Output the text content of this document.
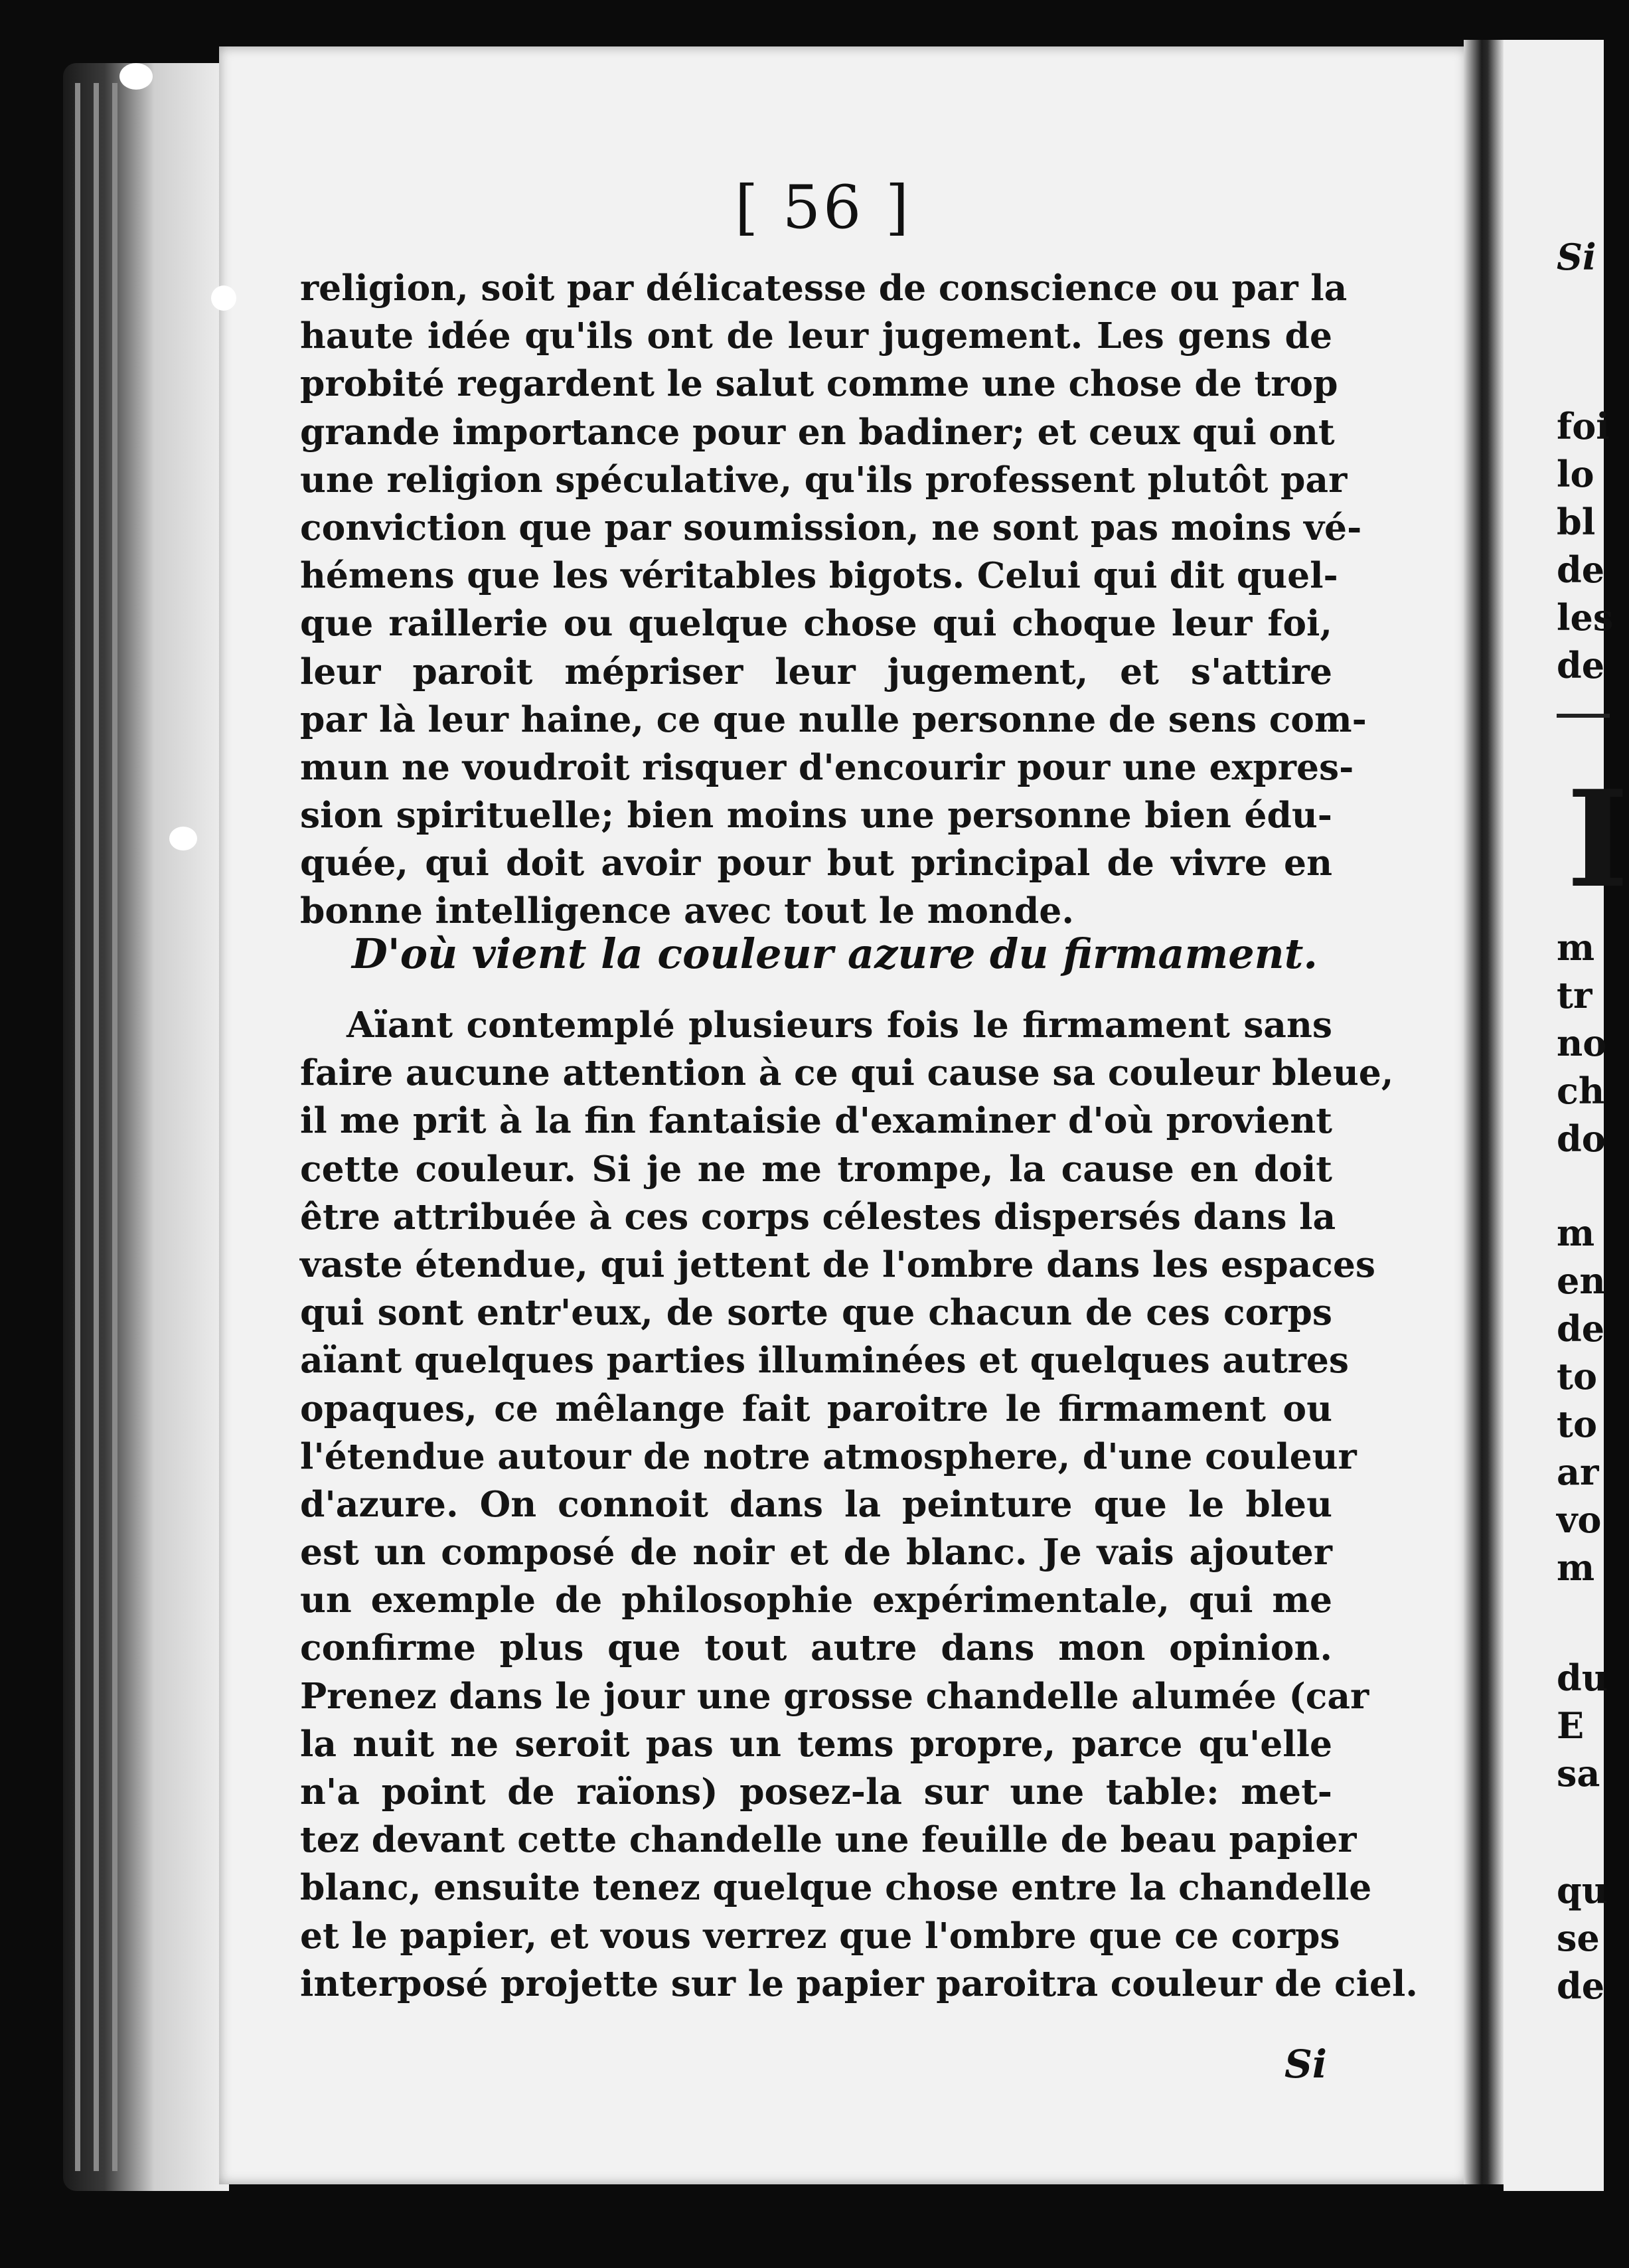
Si
foi
lo
bl
de
les
de
I
m
tr
no
ch
do
m
en
de
to
to
ar
vo
m
du
E
sa
qu
se
de
[ 56 ]
religion, soit par délicatesse de conscience ou par la
haute idée qu'ils ont de leur jugement. Les gens de
probité regardent le salut comme une chose de trop
grande importance pour en badiner; et ceux qui ont
une religion spéculative, qu'ils professent plutôt par
conviction que par soumission, ne sont pas moins vé-
hémens que les véritables bigots. Celui qui dit quel-
que raillerie ou quelque chose qui choque leur foi,
leur paroit mépriser leur jugement, et s'attire
par là leur haine, ce que nulle personne de sens com-
mun ne voudroit risquer d'encourir pour une expres-
sion spirituelle; bien moins une personne bien édu-
quée, qui doit avoir pour but principal de vivre en
bonne intelligence avec tout le monde.
D'où vient la couleur azure du firmament.
Aïant contemplé plusieurs fois le firmament sans
faire aucune attention à ce qui cause sa couleur bleue,
il me prit à la fin fantaisie d'examiner d'où provient
cette couleur. Si je ne me trompe, la cause en doit
être attribuée à ces corps célestes dispersés dans la
vaste étendue, qui jettent de l'ombre dans les espaces
qui sont entr'eux, de sorte que chacun de ces corps
aïant quelques parties illuminées et quelques autres
opaques, ce mêlange fait paroitre le firmament ou
l'étendue autour de notre atmosphere, d'une couleur
d'azure. On connoit dans la peinture que le bleu
est un composé de noir et de blanc. Je vais ajouter
un exemple de philosophie expérimentale, qui me
confirme plus que tout autre dans mon opinion.
Prenez dans le jour une grosse chandelle alumée (car
la nuit ne seroit pas un tems propre, parce qu'elle
n'a point de raïons) posez-la sur une table: met-
tez devant cette chandelle une feuille de beau papier
blanc, ensuite tenez quelque chose entre la chandelle
et le papier, et vous verrez que l'ombre que ce corps
interposé projette sur le papier paroitra couleur de ciel.
Si
